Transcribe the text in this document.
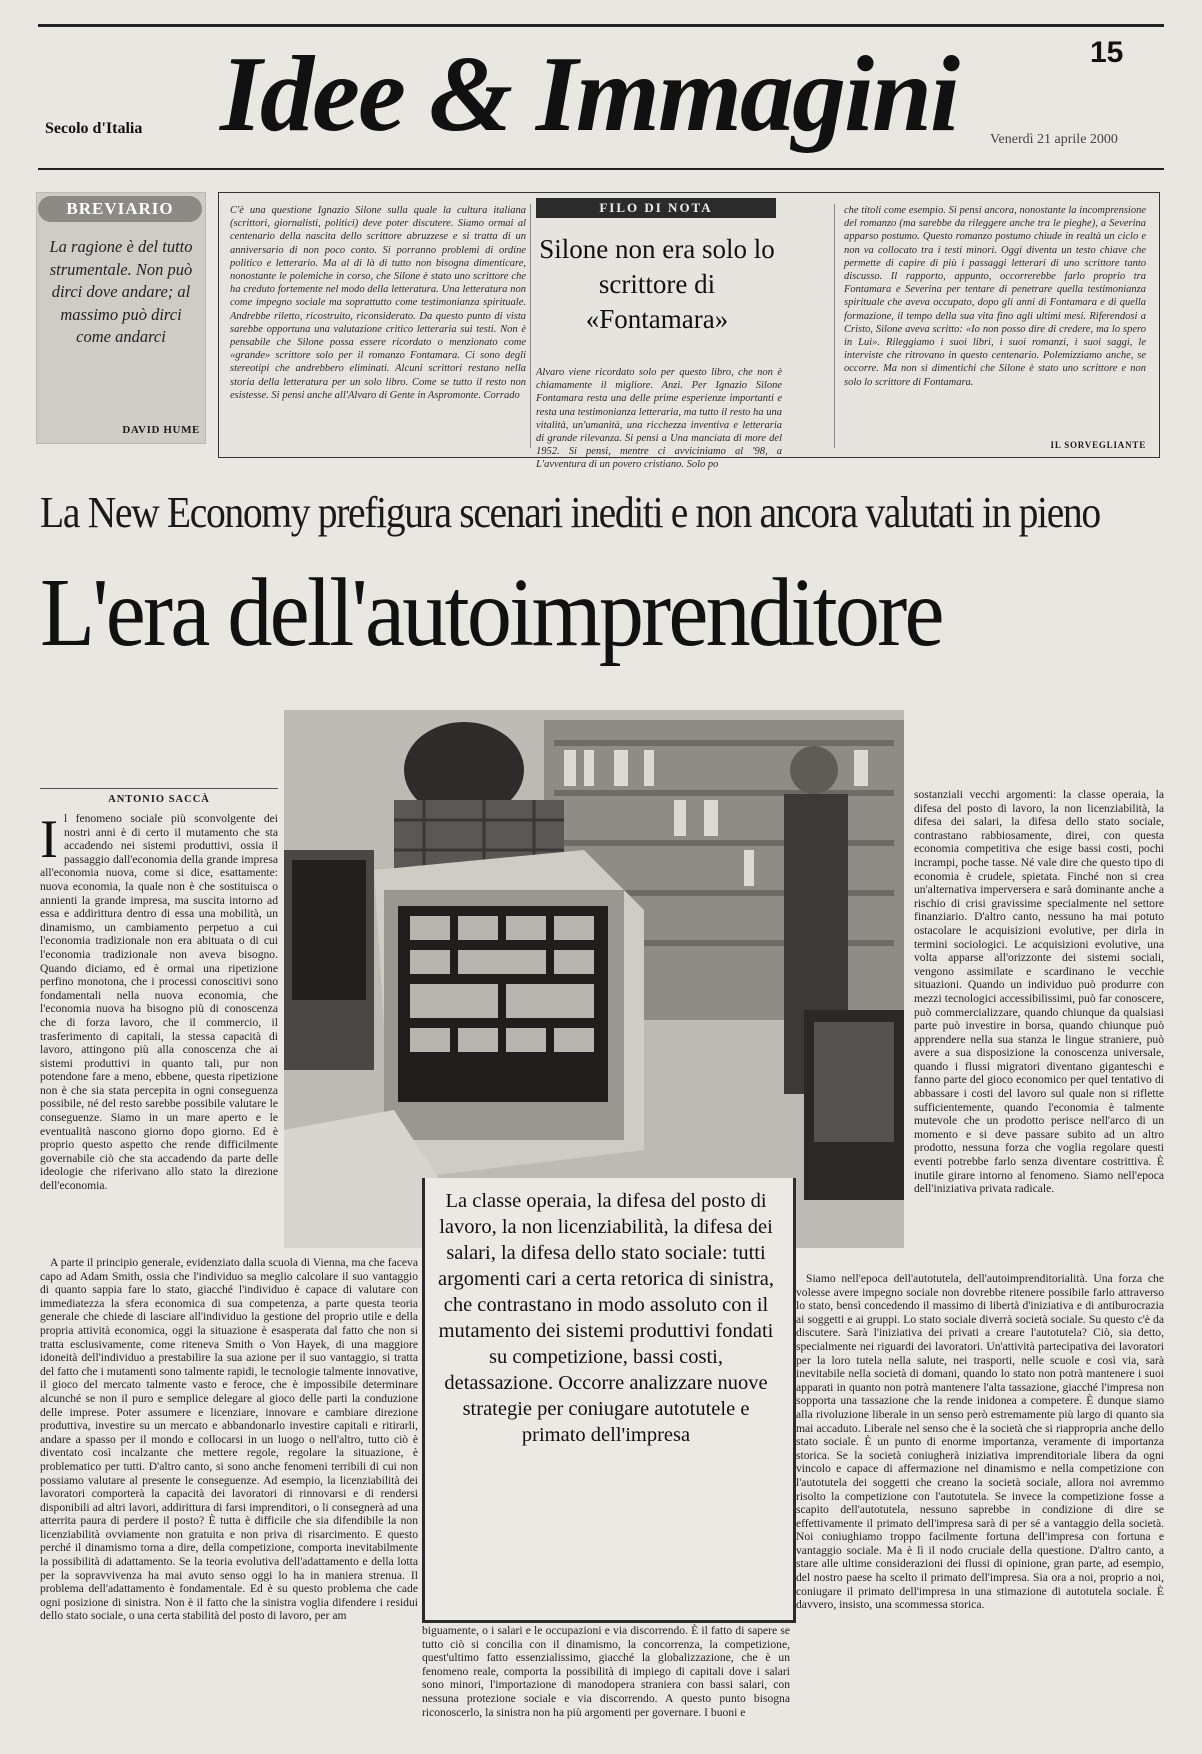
Secolo d'Italia Idee & Immagini	15
Venerdì 21 aprile 2000
BREVIARIO
La ragione è del tutto strumentale. Non può dirci dove andare; al massimo può dirci come andarci
DAVID HUME

C'è una questione Ignazio Silone sulla quale la cultura italiana (scrittori, giornalisti, politici) deve poter discutere. Siamo ormai al centenario della nascita dello scrittore abruzzese e si tratta di un anniversario di non poco conto. Si porranno problemi di ordine politico e letterario. Ma al di là di tutto non bisogna dimenticare, nonostante le polemiche in corso, che Silone è stato uno scrittore che ha creduto fortemente nel modo della letteratura. Una letteratura non come impegno sociale ma soprattutto come testimonianza spirituale. Andrebbe riletto, ricostruito, riconsiderato. Da questo punto di vista sarebbe opportuna una valutazione critico letteraria sui testi. Non è pensabile che Silone possa essere ricordato o menzionato come «grande» scrittore solo per il romanzo Fontamara. Ci sono degli stereotipi che andrebbero eliminati. Alcuni scrittori restano nella storia della letteratura per un solo libro. Come se tutto il resto non esistesse. Si pensi anche all'Alvaro di Gente in Aspromonte. Corrado

FILO DI NOTA
Silone non era solo lo scrittore di «Fontamara»

Alvaro viene ricordato solo per questo libro, che non è chiamamente il migliore. Anzi. Per Ignazio Silone Fontamara resta una delle prime esperienze importanti e resta una testimonianza letteraria, ma tutto il resto ha una vitalità, un'umanità, una ricchezza inventiva e letteraria di grande rilevanza. Si pensi a Una manciata di more del 1952. Si pensi, mentre ci avviciniamo al '98, a L'avventura di un povero cristiano. Solo po

che titoli come esempio. Si pensi ancora, nonostante la incomprensione del romanzo (ma sarebbe da rileggere anche tra le pieghe), a Severina apparso postumo. Questo romanzo postumo chiude in realtà un ciclo e non va collocato tra i testi minori. Oggi diventa un testo chiave che permette di capire di più i passaggi letterari di uno scrittore tanto discusso. Il rapporto, appunto, occorrerebbe farlo proprio tra Fontamara e Severina per tentare di penetrare quella testimonianza spirituale che aveva occupato, dopo gli anni di Fontamara e di quella formazione, il tempo della sua vita fino agli ultimi mesi. Riferendosi a Cristo, Silone aveva scritto: «Io non posso dire di credere, ma lo spero in Lui». Rileggiamo i suoi libri, i suoi romanzi, i suoi saggi, le interviste che ritrovano in questo centenario. Polemizziamo anche, se occorre. Ma non si dimentichi che Silone è stato uno scrittore e non solo lo scrittore di Fontamara.

IL SORVEGLIANTE
La New Economy prefigura scenari inediti e non ancora valutati in pieno
L'era dell'autoimprenditore
ANTONIO SACCÀ

Il fenomeno sociale più sconvolgente dei nostri anni è di certo il mutamento che sta accadendo nei sistemi produttivi, ossia il passaggio dall'economia della grande impresa all'economia nuova, come si dice, esattamente: nuova economia, la quale non è che sostituisca o annienti la grande impresa, ma suscita intorno ad essa e addirittura dentro di essa una mobilità, un dinamismo, un cambiamento perpetuo a cui l'economia tradizionale non era abituata o di cui l'economia tradizionale non aveva bisogno. Quando diciamo, ed è ormai una ripetizione perfino monotona, che i processi conoscitivi sono fondamentali nella nuova economia, che l'economia nuova ha bisogno più di conoscenza che di forza lavoro, che il commercio, il trasferimento di capitali, la stessa capacità di lavoro, attingono più alla conoscenza che ai sistemi produttivi in quanto tali, pur non potendone fare a meno, ebbene, questa ripetizione non è che sia stata percepita in ogni conseguenza possibile, né del resto sarebbe possibile valutare le conseguenze. Siamo in un mare aperto e le eventualità nascono giorno dopo giorno. Ed è proprio questo aspetto che rende difficilmente governabile ciò che sta accadendo da parte delle ideologie che riferivano allo stato la direzione dell'economia.

A parte il principio generale, evidenziato dalla scuola di Vienna, ma che faceva capo ad Adam Smith, ossia che l'individuo sa meglio calcolare il suo vantaggio di quanto sappia fare lo stato, giacché l'individuo è capace di valutare con immediatezza la sfera economica di sua competenza, a parte questa teoria generale che chiede di lasciare all'individuo la gestione del proprio utile e della propria attività economica, oggi la situazione è esasperata dal fatto che non si tratta esclusivamente, come riteneva Smith o Von Hayek, di una maggiore idoneità dell'individuo a prestabilire la sua azione per il suo vantaggio, si tratta del fatto che i mutamenti sono talmente rapidi, le tecnologie talmente innovative, il gioco del mercato talmente vasto e feroce, che è impossibile determinare alcunché se non il puro e semplice delegare al gioco delle parti la conduzione delle imprese. Poter assumere e licenziare, innovare e cambiare direzione produttiva, investire su un mercato e abbandonarlo investire capitali e ritirarli, andare a spasso per il mondo e collocarsi in un luogo o nell'altro, tutto ciò è diventato così incalzante che mettere regole, regolare la situazione, è problematico per tutti. D'altro canto, si sono anche fenomeni terribili di cui non possiamo valutare al presente le conseguenze. Ad esempio, la licenziabilità dei lavoratori comporterà la capacità dei lavoratori di rinnovarsi e di rendersi disponibili ad altri lavori, addirittura di farsi imprenditori, o li consegnerà ad una atterrita paura di perdere il posto? È tutta è difficile che sia difendibile la non licenziabilità ovviamente non gratuita e non priva di risarcimento. E questo perché il dinamismo torna a dire, della competizione, comporta inevitabilmente la possibilità di adattamento. Se la teoria evolutiva dell'adattamento e della lotta per la sopravvivenza ha mai avuto senso oggi lo ha in maniera strenua. Il problema dell'adattamento è fondamentale. Ed è su questo problema che cade ogni posizione di sinistra. Non è il fatto che la sinistra voglia difendere i residui dello stato sociale, o una certa stabilità del posto di lavoro, per am

La classe operaia, la difesa del posto di lavoro, la non licenziabilità, la difesa dei salari, la difesa dello stato sociale: tutti argomenti cari a certa retorica di sinistra, che contrastano in modo assoluto con il mutamento dei sistemi produttivi fondati su competizione, bassi costi, detassazione. Occorre analizzare nuove strategie per coniugare autotutele e primato dell'impresa

biguamente, o i salari e le occupazioni e via discorrendo. È il fatto di sapere se tutto ciò si concilia con il dinamismo, la concorrenza, la competizione, quest'ultimo fatto essenzialissimo, giacché la globalizzazione, che è un fenomeno reale, comporta la possibilità di impiego di capitali dove i salari sono minori, l'importazione di manodopera straniera con bassi salari, con nessuna protezione sociale e via discorrendo. A questo punto bisogna riconoscerlo, la sinistra non ha più argomenti per governare. I buoni e

sostanziali vecchi argomenti: la classe operaia, la difesa del posto di lavoro, la non licenziabilità, la difesa dei salari, la difesa dello stato sociale, contrastano rabbiosamente, direi, con questa economia competitiva che esige bassi costi, pochi incrampi, poche tasse. Né vale dire che questo tipo di economia è crudele, spietata. Finché non si crea un'alternativa imperversera e sarà dominante anche a rischio di crisi gravissime specialmente nel settore finanziario. D'altro canto, nessuno ha mai potuto ostacolare le acquisizioni evolutive, per dirla in termini sociologici. Le acquisizioni evolutive, una volta apparse all'orizzonte dei sistemi sociali, vengono assimilate e scardinano le vecchie situazioni. Quando un individuo può produrre con mezzi tecnologici accessibilissimi, può far conoscere, può commercializzare, quando chiunque da qualsiasi parte può investire in borsa, quando chiunque può apprendere nella sua stanza le lingue straniere, può avere a sua disposizione la conoscenza universale, quando i flussi migratori diventano giganteschi e fanno parte del gioco economico per quel tentativo di abbassare i costi del lavoro sul quale non si riflette sufficientemente, quando l'economia è talmente mutevole che un prodotto perisce nell'arco di un momento e si deve passare subito ad un altro prodotto, nessuna forza che voglia regolare questi eventi potrebbe farlo senza diventare costrittiva. È inutile girare intorno al fenomeno. Siamo nell'epoca dell'iniziativa privata radicale.

Siamo nell'epoca dell'autotutela, dell'autoimprenditorialità. Una forza che volesse avere impegno sociale non dovrebbe ritenere possibile farlo attraverso lo stato, bensì concedendo il massimo di libertà d'iniziativa e di antiburocrazia ai soggetti e ai gruppi. Lo stato sociale diverrà società sociale. Su questo c'è da discutere. Sarà l'iniziativa dei privati a creare l'autotutela? Ciò, sia detto, specialmente nei riguardi dei lavoratori. Un'attività partecipativa dei lavoratori per la loro tutela nella salute, nei trasporti, nelle scuole e così via, sarà inevitabile nella società di domani, quando lo stato non potrà mantenere i suoi apparati in quanto non potrà mantenere l'alta tassazione, giacché l'impresa non sopporta una tassazione che la rende inidonea a competere. È dunque siamo alla rivoluzione liberale in un senso però estremamente più largo di quanto sia mai accaduto. Liberale nel senso che è la società che si riappropria anche dello stato sociale. È un punto di enorme importanza, veramente di importanza storica. Se la società coniugherà iniziativa imprenditoriale libera da ogni vincolo e capace di affermazione nel dinamismo e nella competizione con l'autotutela dei soggetti che creano la società sociale, allora noi avremmo risolto la competizione con l'autotutela. Se invece la competizione fosse a scapito dell'autotutela, nessuno saprebbe in condizione di dire se effettivamente il primato dell'impresa sarà di per sé a vantaggio della società. Noi coniughiamo troppo facilmente fortuna dell'impresa con fortuna e vantaggio sociale. Ma è lì il nodo cruciale della questione. D'altro canto, a stare alle ultime considerazioni dei flussi di opinione, gran parte, ad esempio, del nostro paese ha scelto il primato dell'impresa. Sia ora a noi, proprio a noi, coniugare il primato dell'impresa in una stimazione di autotutela sociale. È davvero, insisto, una scommessa storica.
